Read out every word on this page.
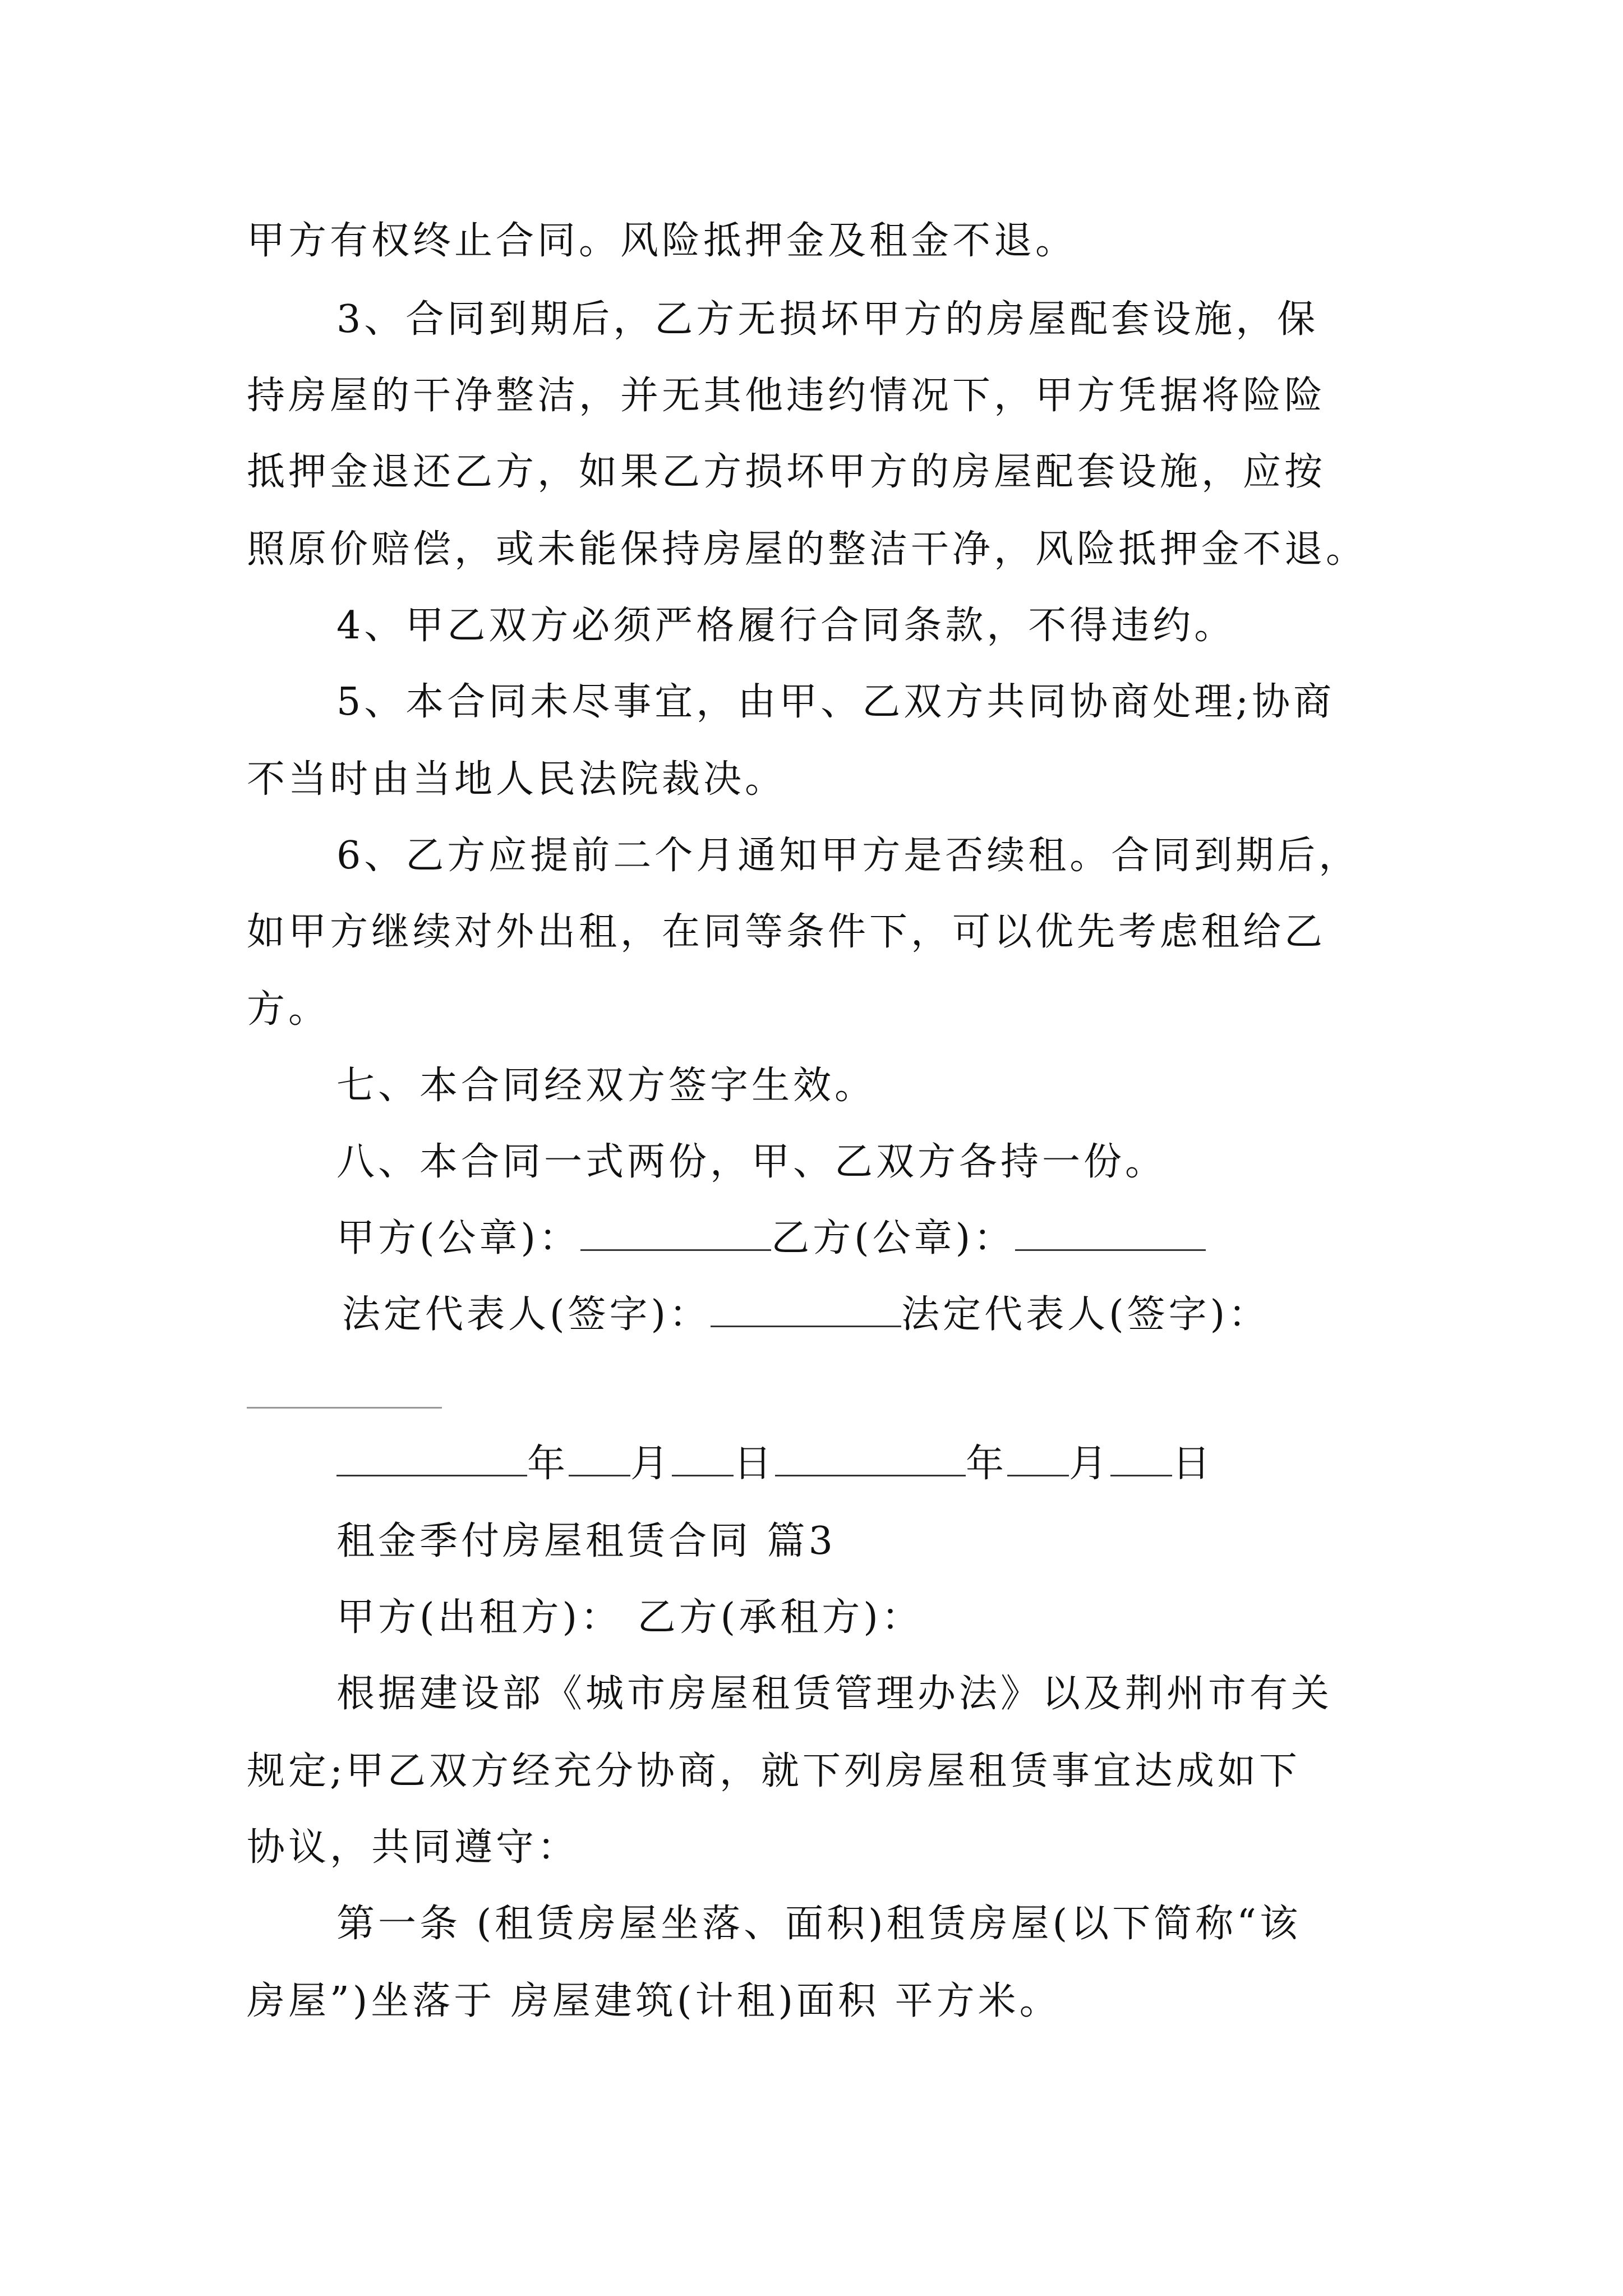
甲方有权终止合同。风险抵押金及租金不退。
3、合同到期后，乙方无损坏甲方的房屋配套设施，保
持房屋的干净整洁，并无其他违约情况下，甲方凭据将险险
抵押金退还乙方，如果乙方损坏甲方的房屋配套设施，应按
照原价赔偿，或未能保持房屋的整洁干净，风险抵押金不退。
4、甲乙双方必须严格履行合同条款，不得违约。
5、本合同未尽事宜，由甲、乙双方共同协商处理;协商
不当时由当地人民法院裁决。
6、乙方应提前二个月通知甲方是否续租。合同到期后，
如甲方继续对外出租，在同等条件下，可以优先考虑租给乙
方。
七、本合同经双方签字生效。
八、本合同一式两份，甲、乙双方各持一份。
甲方(公章)：	乙方(公章)：
法定代表人(签字)：	法定代表人(签字)：
年 月 日	年 月 日
租金季付房屋租赁合同 篇3
甲方(出租方)： 乙方(承租方)：
根据建设部《城市房屋租赁管理办法》以及荆州市有关
规定;甲乙双方经充分协商，就下列房屋租赁事宜达成如下
协议，共同遵守：
第一条 (租赁房屋坐落、面积)租赁房屋(以下简称“该
房屋”)坐落于 房屋建筑(计租)面积 平方米。
